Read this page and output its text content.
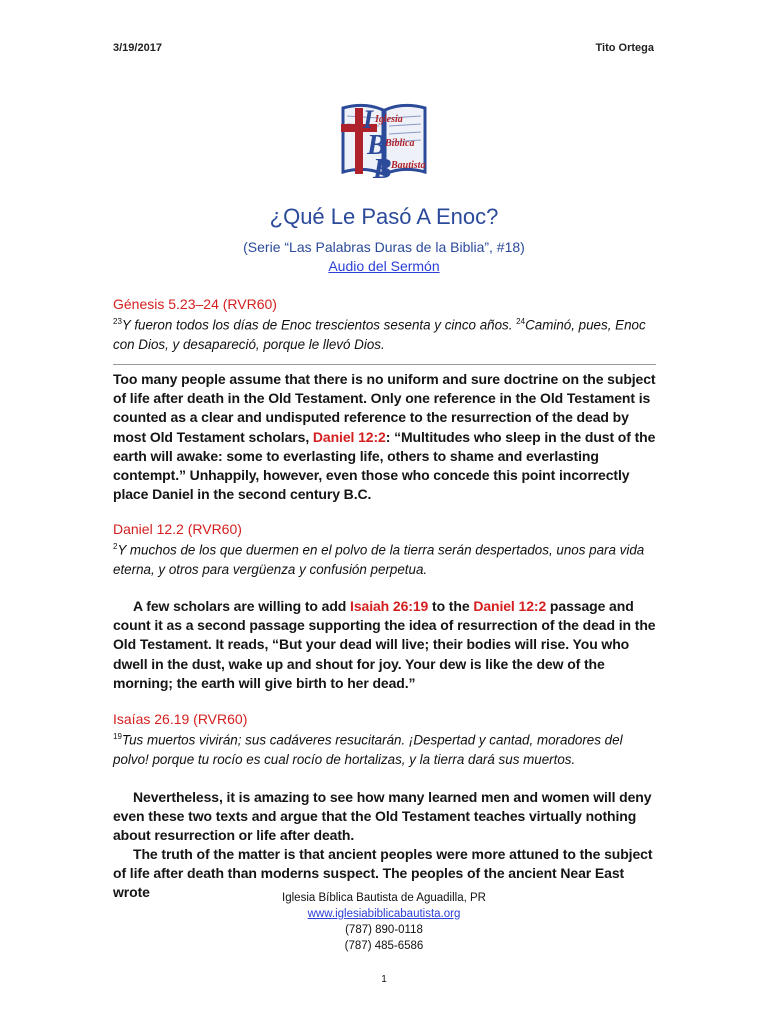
3/19/2017	Tito Ortega
I
B
B
Iglesia
Bíblica
Bautista
¿Qué Le Pasó A Enoc?
(Serie “Las Palabras Duras de la Biblia”, #18)
Audio del Sermón
Génesis 5.23–24 (RVR60)
$^{23}$Y fueron todos los días de Enoc trescientos sesenta y cinco años. $^{24}$Caminó, pues, Enoc con Dios, y desapareció, porque le llevó Dios.
Too many people assume that there is no uniform and sure doctrine on the subject of life after death in the Old Testament. Only one reference in the Old Testament is counted as a clear and undisputed reference to the resurrection of the dead by most Old Testament scholars, Daniel 12:2: “Multitudes who sleep in the dust of the earth will awake: some to everlasting life, others to shame and everlasting contempt.” Unhappily, however, even those who concede this point incorrectly place Daniel in the second century B.C.
Daniel 12.2 (RVR60)
$^2$Y muchos de los que duermen en el polvo de la tierra serán despertados, unos para vida eterna, y otros para vergüenza y confusión perpetua.
A few scholars are willing to add Isaiah 26:19 to the Daniel 12:2 passage and count it as a second passage supporting the idea of resurrection of the dead in the Old Testament. It reads, “But your dead will live; their bodies will rise. You who dwell in the dust, wake up and shout for joy. Your dew is like the dew of the morning; the earth will give birth to her dead.”
Isaías 26.19 (RVR60)
$^{19}$Tus muertos vivirán; sus cadáveres resucitarán. ¡Despertad y cantad, moradores del polvo! porque tu rocío es cual rocío de hortalizas, y la tierra dará sus muertos.
Nevertheless, it is amazing to see how many learned men and women will deny even these two texts and argue that the Old Testament teaches virtually nothing about resurrection or life after death.
The truth of the matter is that ancient peoples were more attuned to the subject of life after death than moderns suspect. The peoples of the ancient Near East wrote	Iglesia Bíblica Bautista de Aguadilla, PR
www.iglesiabiblicabautista.org
(787) 890-0118
(787) 485-6586
1
